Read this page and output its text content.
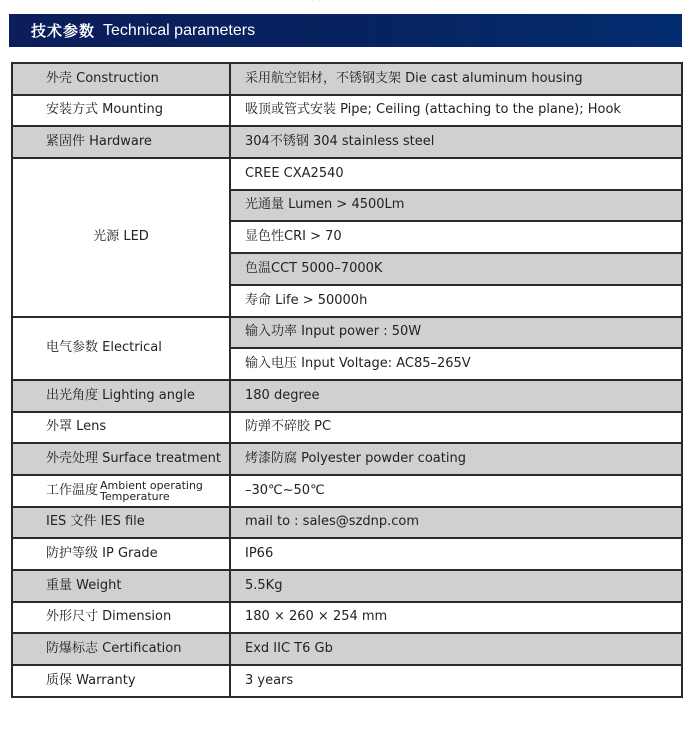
· ·
技术参数 Technical parameters
外壳 Construction	采用航空铝材，不锈钢支架 Die cast aluminum housing
安装方式 Mounting	吸顶或管式安装 Pipe; Ceiling (attaching to the plane); Hook
紧固件 Hardware	304不锈钢 304 stainless steel
光源 LED	CREE CXA2540
	光通量 Lumen > 4500Lm
	显色性CRI > 70
	色温CCT 5000–7000K
	寿命 Life > 50000h
电气参数 Electrical	输入功率 Input power : 50W
	输入电压 Input Voltage: AC85–265V
出光角度 Lighting angle	180 degree
外罩 Lens	防弹不碎胶 PC
外壳处理 Surface treatment	烤漆防腐 Polyester powder coating

工作温度 Ambient operating
Temperature	–30℃~50℃
IES 文件 IES file	mail to : sales@szdnp.com
防护等级 IP Grade	IP66
重量 Weight	5.5Kg
外形尺寸 Dimension	180 × 260 × 254 mm
防爆标志 Certification	Exd IIC T6 Gb
质保 Warranty	3 years
